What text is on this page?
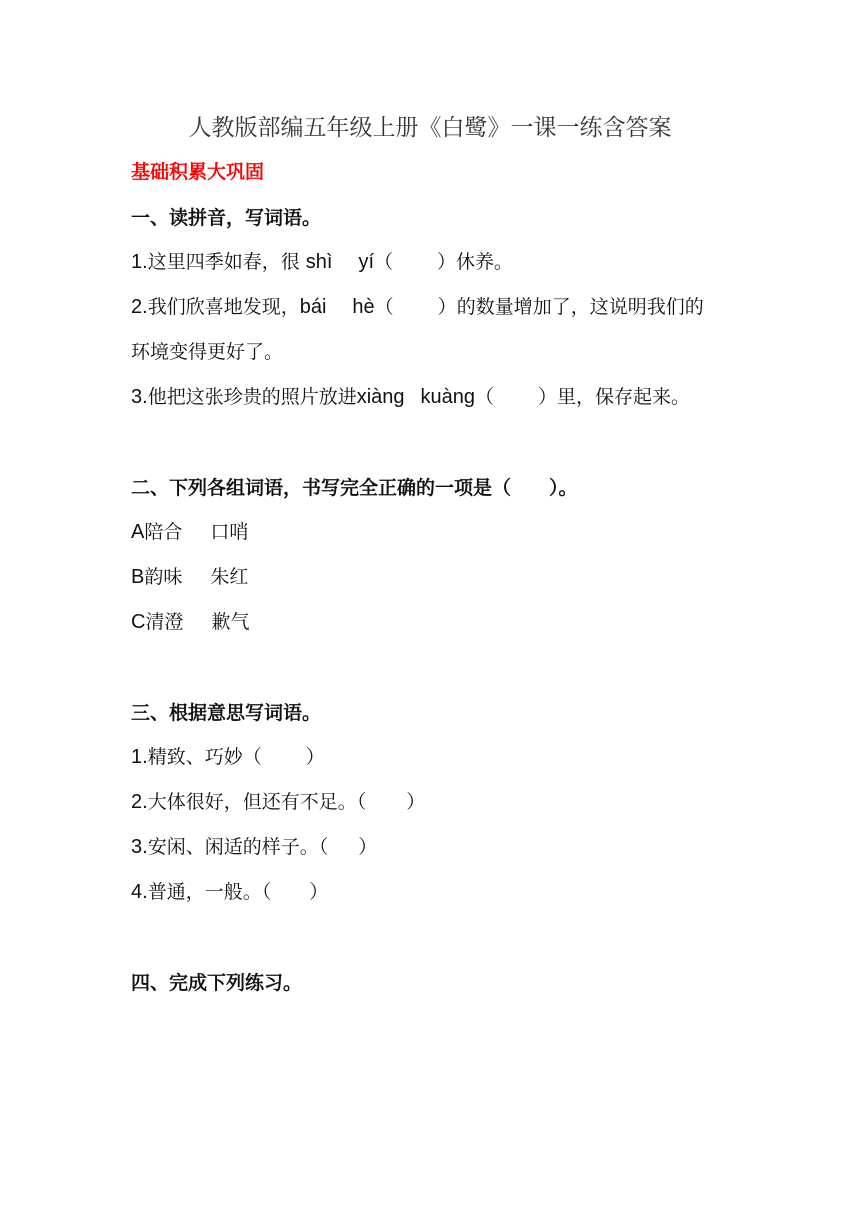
人教版部编五年级上册《白鹭》一课一练含答案
基础积累大巩固
一、读拼音，写词语。
1.这里四季如春，很 shì yí（ ）休养。
2.我们欣喜地发现，bái hè（ ）的数量增加了，这说明我们的
环境变得更好了。
3.他把这张珍贵的照片放进xiàng kuàng（ ）里，保存起来。
二、下列各组词语，书写完全正确的一项是（　　）。
A陪合 口哨
B韵味 朱红
C清澄 歉气
三、根据意思写词语。
1.精致、巧妙（ ）
2.大体很好，但还有不足。（ ）
3.安闲、闲适的样子。（ ）
4.普通，一般。（ ）
四、完成下列练习。
